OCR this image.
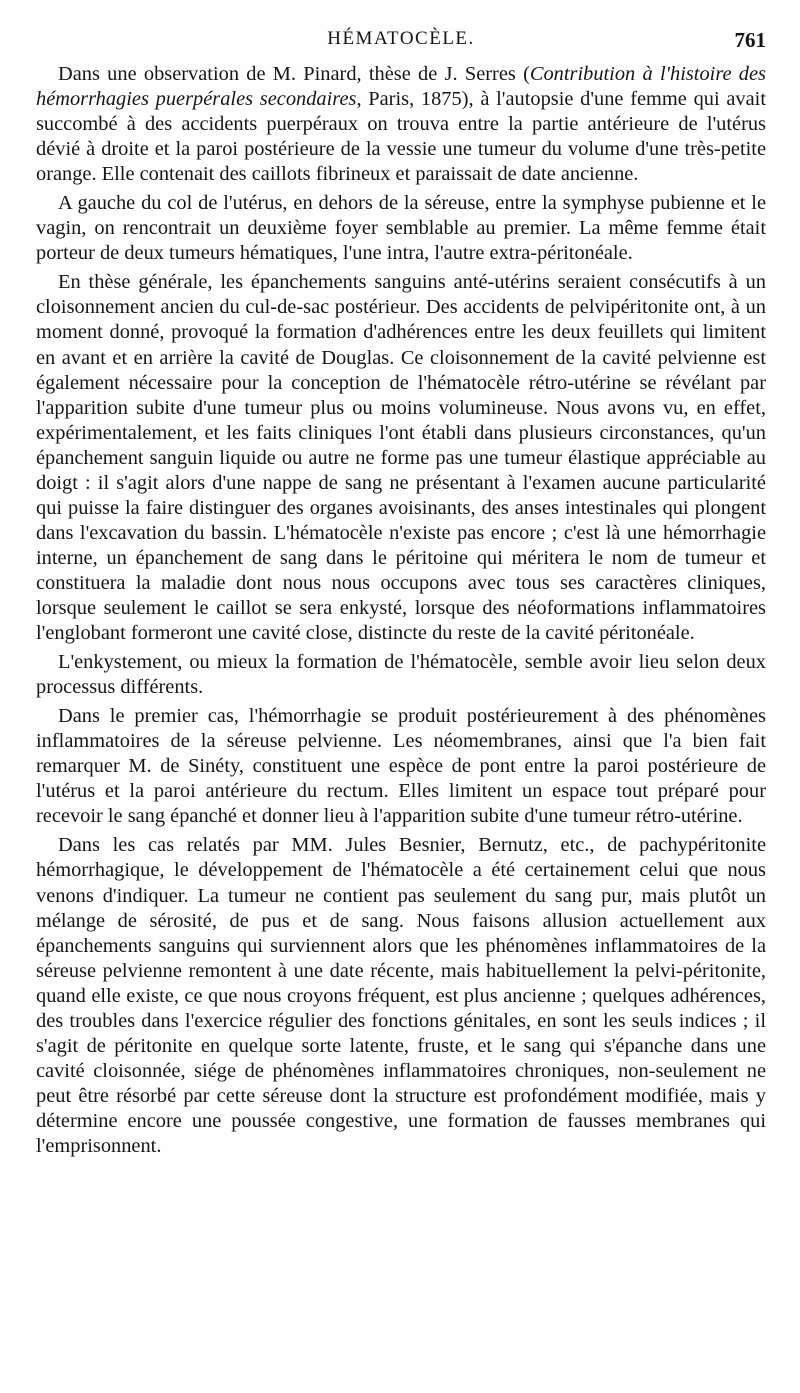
HÉMATOCÈLE.	761

Dans une observation de M. Pinard, thèse de J. Serres (Contribution à l'histoire des hémorrhagies puerpérales secondaires, Paris, 1875), à l'autopsie d'une femme qui avait succombé à des accidents puerpéraux on trouva entre la partie antérieure de l'utérus dévié à droite et la paroi postérieure de la vessie une tumeur du volume d'une très-petite orange. Elle contenait des caillots fibrineux et paraissait de date ancienne.

A gauche du col de l'utérus, en dehors de la séreuse, entre la symphyse pubienne et le vagin, on rencontrait un deuxième foyer semblable au premier. La même femme était porteur de deux tumeurs hématiques, l'une intra, l'autre extra-péritonéale.

En thèse générale, les épanchements sanguins anté-utérins seraient consécutifs à un cloisonnement ancien du cul-de-sac postérieur. Des accidents de pelvipéritonite ont, à un moment donné, provoqué la formation d'adhérences entre les deux feuillets qui limitent en avant et en arrière la cavité de Douglas. Ce cloisonnement de la cavité pelvienne est également nécessaire pour la conception de l'hématocèle rétro-utérine se révélant par l'apparition subite d'une tumeur plus ou moins volumineuse. Nous avons vu, en effet, expérimentalement, et les faits cliniques l'ont établi dans plusieurs circonstances, qu'un épanchement sanguin liquide ou autre ne forme pas une tumeur élastique appréciable au doigt : il s'agit alors d'une nappe de sang ne présentant à l'examen aucune particularité qui puisse la faire distinguer des organes avoisinants, des anses intestinales qui plongent dans l'excavation du bassin. L'hématocèle n'existe pas encore ; c'est là une hémorrhagie interne, un épanchement de sang dans le péritoine qui méritera le nom de tumeur et constituera la maladie dont nous nous occupons avec tous ses caractères cliniques, lorsque seulement le caillot se sera enkysté, lorsque des néoformations inflammatoires l'englobant formeront une cavité close, distincte du reste de la cavité péritonéale.

L'enkystement, ou mieux la formation de l'hématocèle, semble avoir lieu selon deux processus différents.

Dans le premier cas, l'hémorrhagie se produit postérieurement à des phénomènes inflammatoires de la séreuse pelvienne. Les néomembranes, ainsi que l'a bien fait remarquer M. de Sinéty, constituent une espèce de pont entre la paroi postérieure de l'utérus et la paroi antérieure du rectum. Elles limitent un espace tout préparé pour recevoir le sang épanché et donner lieu à l'apparition subite d'une tumeur rétro-utérine.

Dans les cas relatés par MM. Jules Besnier, Bernutz, etc., de pachypéritonite hémorrhagique, le développement de l'hématocèle a été certainement celui que nous venons d'indiquer. La tumeur ne contient pas seulement du sang pur, mais plutôt un mélange de sérosité, de pus et de sang. Nous faisons allusion actuellement aux épanchements sanguins qui surviennent alors que les phénomènes inflammatoires de la séreuse pelvienne remontent à une date récente, mais habituellement la pelvi-péritonite, quand elle existe, ce que nous croyons fréquent, est plus ancienne ; quelques adhérences, des troubles dans l'exercice régulier des fonctions génitales, en sont les seuls indices ; il s'agit de péritonite en quelque sorte latente, fruste, et le sang qui s'épanche dans une cavité cloisonnée, siége de phénomènes inflammatoires chroniques, non-seulement ne peut être résorbé par cette séreuse dont la structure est profondément modifiée, mais y détermine encore une poussée congestive, une formation de fausses membranes qui l'emprisonnent.
